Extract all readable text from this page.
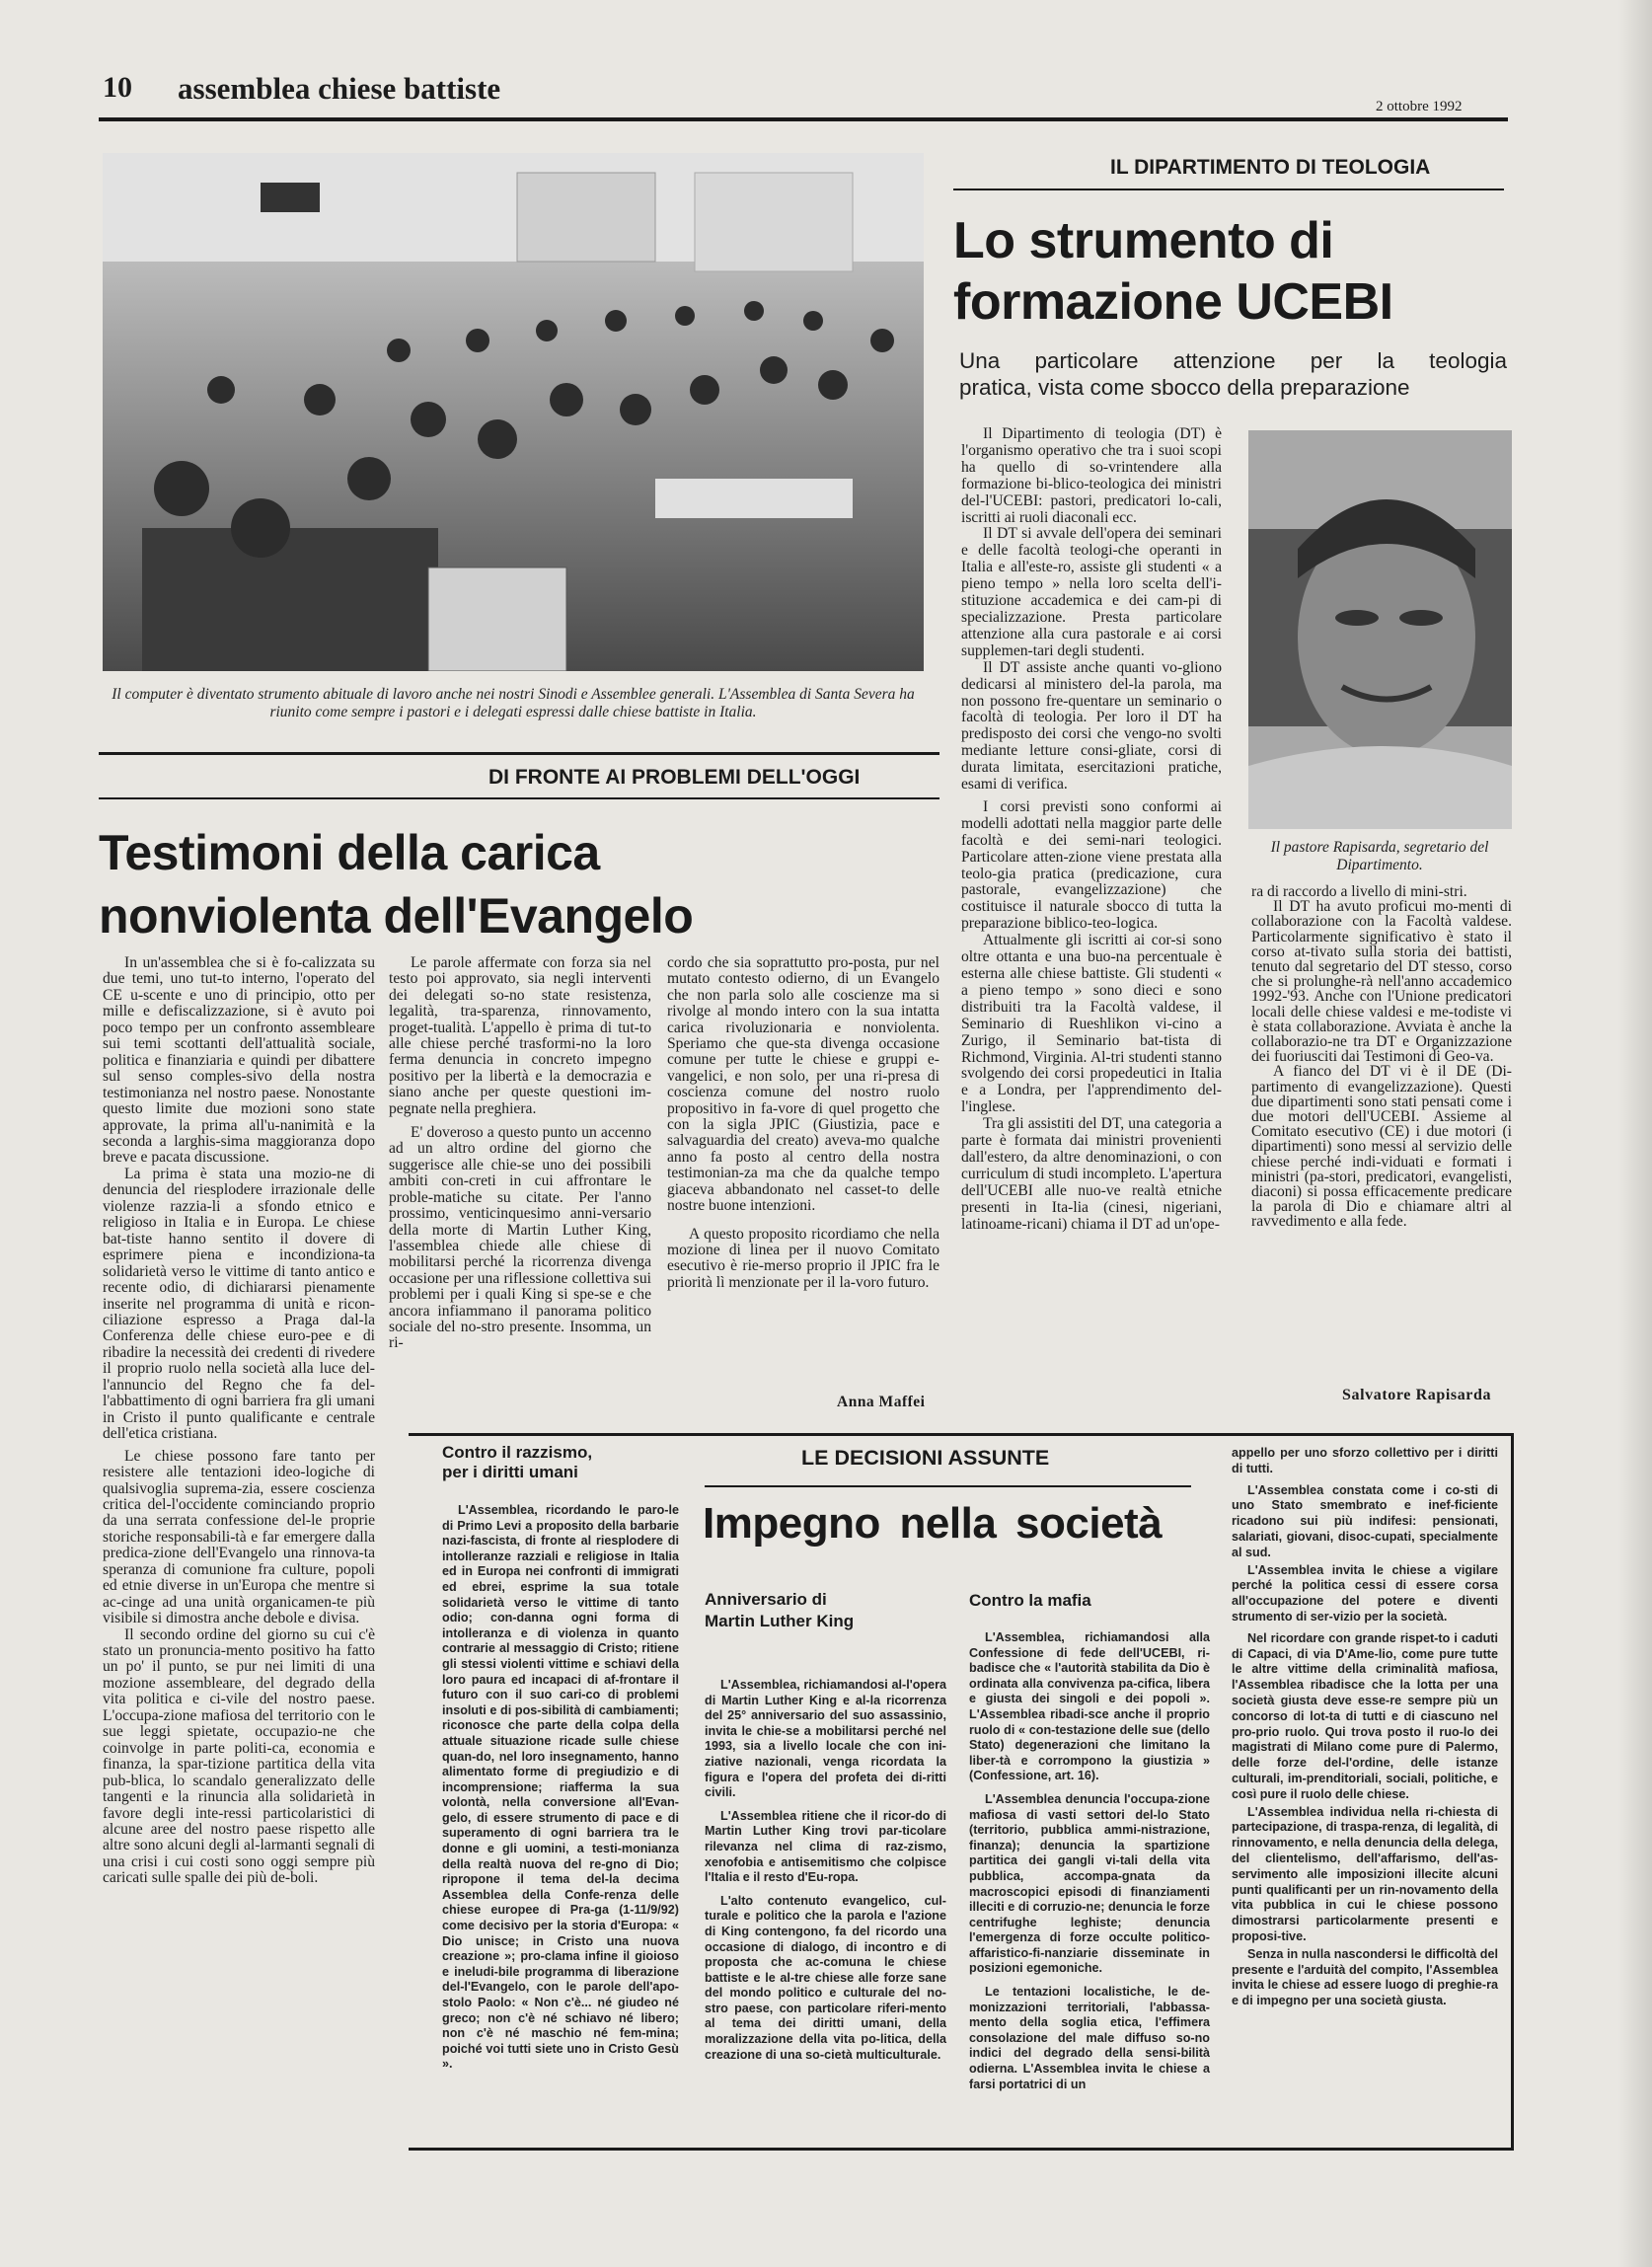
10 assemblea chiese battiste
2 ottobre 1992
Il computer è diventato strumento abituale di lavoro anche nei nostri Sinodi e Assemblee generali. L'Assemblea di Santa Severa ha riunito come sempre i pastori e i delegati espressi dalle chiese battiste in Italia.
IL DIPARTIMENTO DI TEOLOGIA
Lo strumento di
formazione UCEBI
Una particolare attenzione per la teologia
pratica, vista come sbocco della preparazione

Il Dipartimento di teologia (DT) è l'organismo operativo che tra i suoi scopi ha quello di so-vrintendere alla formazione bi-blico-teologica dei ministri del-l'UCEBI: pastori, predicatori lo-cali, iscritti ai ruoli diaconali ecc.

Il DT si avvale dell'opera dei seminari e delle facoltà teologi-che operanti in Italia e all'este-ro, assiste gli studenti « a pieno tempo » nella loro scelta dell'i-stituzione accademica e dei cam-pi di specializzazione. Presta particolare attenzione alla cura pastorale e ai corsi supplemen-tari degli studenti.

Il DT assiste anche quanti vo-gliono dedicarsi al ministero del-la parola, ma non possono fre-quentare un seminario o facoltà di teologia. Per loro il DT ha predisposto dei corsi che vengo-no svolti mediante letture consi-gliate, corsi di durata limitata, esercitazioni pratiche, esami di verifica.

I corsi previsti sono conformi ai modelli adottati nella maggior parte delle facoltà e dei semi-nari teologici. Particolare atten-zione viene prestata alla teolo-gia pratica (predicazione, cura pastorale, evangelizzazione) che costituisce il naturale sbocco di tutta la preparazione biblico-teo-logica.

Attualmente gli iscritti ai cor-si sono oltre ottanta e una buo-na percentuale è esterna alle chiese battiste. Gli studenti « a pieno tempo » sono dieci e sono distribuiti tra la Facoltà valdese, il Seminario di Rueshlikon vi-cino a Zurigo, il Seminario bat-tista di Richmond, Virginia. Al-tri studenti stanno svolgendo dei corsi propedeutici in Italia e a Londra, per l'apprendimento del-l'inglese.

Tra gli assistiti del DT, una categoria a parte è formata dai ministri provenienti dall'estero, da altre denominazioni, o con curriculum di studi incompleto. L'apertura dell'UCEBI alle nuo-ve realtà etniche presenti in Ita-lia (cinesi, nigeriani, latinoame-ricani) chiama il DT ad un'ope-

Il pastore Rapisarda, segretario del Dipartimento.

ra di raccordo a livello di mini-stri.

Il DT ha avuto proficui mo-menti di collaborazione con la Facoltà valdese. Particolarmente significativo è stato il corso at-tivato sulla storia dei battisti, tenuto dal segretario del DT stesso, corso che si prolunghe-rà nell'anno accademico 1992-'93. Anche con l'Unione predicatori locali delle chiese valdesi e me-todiste vi è stata collaborazione. Avviata è anche la collaborazio-ne tra DT e Organizzazione dei fuoriusciti dai Testimoni di Geo-va.

A fianco del DT vi è il DE (Di-partimento di evangelizzazione). Questi due dipartimenti sono stati pensati come i due motori dell'UCEBI. Assieme al Comitato esecutivo (CE) i due motori (i dipartimenti) sono messi al servizio delle chiese perché indi-viduati e formati i ministri (pa-stori, predicatori, evangelisti, diaconi) si possa efficacemente predicare la parola di Dio e chiamare altri al ravvedimento e alla fede.

Salvatore Rapisarda
DI FRONTE AI PROBLEMI DELL'OGGI
Testimoni della carica
nonviolenta dell'Evangelo

In un'assemblea che si è fo-calizzata su due temi, uno tut-to interno, l'operato del CE u-scente e uno di principio, otto per mille e defiscalizzazione, si è avuto poi poco tempo per un confronto assembleare sui temi scottanti dell'attualità sociale, politica e finanziaria e quindi per dibattere sul senso comples-sivo della nostra testimonianza nel nostro paese. Nonostante questo limite due mozioni sono state approvate, la prima all'u-nanimità e la seconda a larghis-sima maggioranza dopo breve e pacata discussione.

La prima è stata una mozio-ne di denuncia del riesplodere irrazionale delle violenze razzia-li a sfondo etnico e religioso in Italia e in Europa. Le chiese bat-tiste hanno sentito il dovere di esprimere piena e incondiziona-ta solidarietà verso le vittime di tanto antico e recente odio, di dichiararsi pienamente inserite nel programma di unità e ricon-ciliazione espresso a Praga dal-la Conferenza delle chiese euro-pee e di ribadire la necessità dei credenti di rivedere il proprio ruolo nella società alla luce del-l'annuncio del Regno che fa del-l'abbattimento di ogni barriera fra gli umani in Cristo il punto qualificante e centrale dell'etica cristiana.

Le chiese possono fare tanto per resistere alle tentazioni ideo-logiche di qualsivoglia suprema-zia, essere coscienza critica del-l'occidente cominciando proprio da una serrata confessione del-le proprie storiche responsabili-tà e far emergere dalla predica-zione dell'Evangelo una rinnova-ta speranza di comunione fra culture, popoli ed etnie diverse in un'Europa che mentre si ac-cinge ad una unità organicamen-te più visibile si dimostra anche debole e divisa.

Il secondo ordine del giorno su cui c'è stato un pronuncia-mento positivo ha fatto un po' il punto, se pur nei limiti di una mozione assembleare, del degrado della vita politica e ci-vile del nostro paese. L'occupa-zione mafiosa del territorio con le sue leggi spietate, occupazio-ne che coinvolge in parte politi-ca, economia e finanza, la spar-tizione partitica della vita pub-blica, lo scandalo generalizzato delle tangenti e la rinuncia alla solidarietà in favore degli inte-ressi particolaristici di alcune aree del nostro paese rispetto alle altre sono alcuni degli al-larmanti segnali di una crisi i cui costi sono oggi sempre più caricati sulle spalle dei più de-boli.

Le parole affermate con forza sia nel testo poi approvato, sia negli interventi dei delegati so-no state resistenza, legalità, tra-sparenza, rinnovamento, proget-tualità. L'appello è prima di tut-to alle chiese perché trasformi-no la loro ferma denuncia in concreto impegno positivo per la libertà e la democrazia e siano anche per queste questioni im-pegnate nella preghiera.

E' doveroso a questo punto un accenno ad un altro ordine del giorno che suggerisce alle chie-se uno dei possibili ambiti con-creti in cui affrontare le proble-matiche su citate. Per l'anno prossimo, venticinquesimo anni-versario della morte di Martin Luther King, l'assemblea chiede alle chiese di mobilitarsi perché la ricorrenza divenga occasione per una riflessione collettiva sui problemi per i quali King si spe-se e che ancora infiammano il panorama politico sociale del no-stro presente. Insomma, un ri-

cordo che sia soprattutto pro-posta, pur nel mutato contesto odierno, di un Evangelo che non parla solo alle coscienze ma si rivolge al mondo intero con la sua intatta carica rivoluzionaria e nonviolenta. Speriamo che que-sta divenga occasione comune per tutte le chiese e gruppi e-vangelici, e non solo, per una ri-presa di coscienza comune del nostro ruolo propositivo in fa-vore di quel progetto che con la sigla JPIC (Giustizia, pace e salvaguardia del creato) aveva-mo qualche anno fa posto al centro della nostra testimonian-za ma che da qualche tempo giaceva abbandonato nel casset-to delle nostre buone intenzioni.

A questo proposito ricordiamo che nella mozione di linea per il nuovo Comitato esecutivo è rie-merso proprio il JPIC fra le priorità lì menzionate per il la-voro futuro.

Anna Maffei
Contro il razzismo,
per i diritti umani

L'Assemblea, ricordando le paro-le di Primo Levi a proposito della barbarie nazi-fascista, di fronte al riesplodere di intolleranze razziali e religiose in Italia ed in Europa nei confronti di immigrati ed ebrei, esprime la sua totale solidarietà verso le vittime di tanto odio; con-danna ogni forma di intolleranza e di violenza in quanto contrarie al messaggio di Cristo; ritiene gli stessi violenti vittime e schiavi della loro paura ed incapaci di af-frontare il futuro con il suo cari-co di problemi insoluti e di pos-sibilità di cambiamenti; riconosce che parte della colpa della attuale situazione ricade sulle chiese quan-do, nel loro insegnamento, hanno alimentato forme di pregiudizio e di incomprensione; riafferma la sua volontà, nella conversione all'Evan-gelo, di essere strumento di pace e di superamento di ogni barriera tra le donne e gli uomini, a testi-monianza della realtà nuova del re-gno di Dio; ripropone il tema del-la decima Assemblea della Confe-renza delle chiese europee di Pra-ga (1-11/9/92) come decisivo per la storia d'Europa: « Dio unisce; in Cristo una nuova creazione »; pro-clama infine il gioioso e ineludi-bile programma di liberazione del-l'Evangelo, con le parole dell'apo-stolo Paolo: « Non c'è... né giudeo né greco; non c'è né schiavo né libero; non c'è né maschio né fem-mina; poiché voi tutti siete uno in Cristo Gesù ».

LE DECISIONI ASSUNTE
Impegno nella società
Anniversario di
Martin Luther King

L'Assemblea, richiamandosi al-l'opera di Martin Luther King e al-la ricorrenza del 25° anniversario del suo assassinio, invita le chie-se a mobilitarsi perché nel 1993, sia a livello locale che con ini-ziative nazionali, venga ricordata la figura e l'opera del profeta dei di-ritti civili.

L'Assemblea ritiene che il ricor-do di Martin Luther King trovi par-ticolare rilevanza nel clima di raz-zismo, xenofobia e antisemitismo che colpisce l'Italia e il resto d'Eu-ropa.

L'alto contenuto evangelico, cul-turale e politico che la parola e l'azione di King contengono, fa del ricordo una occasione di dialogo, di incontro e di proposta che ac-comuna le chiese battiste e le al-tre chiese alle forze sane del mondo politico e culturale del no-stro paese, con particolare riferi-mento al tema dei diritti umani, della moralizzazione della vita po-litica, della creazione di una so-cietà multiculturale.

Contro la mafia

L'Assemblea, richiamandosi alla Confessione di fede dell'UCEBI, ri-badisce che « l'autorità stabilita da Dio è ordinata alla convivenza pa-cifica, libera e giusta dei singoli e dei popoli ». L'Assemblea ribadi-sce anche il proprio ruolo di « con-testazione delle sue (dello Stato) degenerazioni che limitano la liber-tà e corrompono la giustizia » (Confessione, art. 16).

L'Assemblea denuncia l'occupa-zione mafiosa di vasti settori del-lo Stato (territorio, pubblica ammi-nistrazione, finanza); denuncia la spartizione partitica dei gangli vi-tali della vita pubblica, accompa-gnata da macroscopici episodi di finanziamenti illeciti e di corruzio-ne; denuncia le forze centrifughe leghiste; denuncia l'emergenza di forze occulte politico-affaristico-fi-nanziarie disseminate in posizioni egemoniche.

Le tentazioni localistiche, le de-monizzazioni territoriali, l'abbassa-mento della soglia etica, l'effimera consolazione del male diffuso so-no indici del degrado della sensi-bilità odierna. L'Assemblea invita le chiese a farsi portatrici di un

appello per uno sforzo collettivo per i diritti di tutti.

L'Assemblea constata come i co-sti di uno Stato smembrato e inef-ficiente ricadono sui più indifesi: pensionati, salariati, giovani, disoc-cupati, specialmente al sud.

L'Assemblea invita le chiese a vigilare perché la politica cessi di essere corsa all'occupazione del potere e diventi strumento di ser-vizio per la società.

Nel ricordare con grande rispet-to i caduti di Capaci, di via D'Ame-lio, come pure tutte le altre vittime della criminalità mafiosa, l'Assemblea ribadisce che la lotta per una società giusta deve esse-re sempre più un concorso di lot-ta di tutti e di ciascuno nel pro-prio ruolo. Qui trova posto il ruo-lo dei magistrati di Milano come pure di Palermo, delle forze del-l'ordine, delle istanze culturali, im-prenditoriali, sociali, politiche, e così pure il ruolo delle chiese.

L'Assemblea individua nella ri-chiesta di partecipazione, di traspa-renza, di legalità, di rinnovamento, e nella denuncia della delega, del clientelismo, dell'affarismo, dell'as-servimento alle imposizioni illecite alcuni punti qualificanti per un rin-novamento della vita pubblica in cui le chiese possono dimostrarsi particolarmente presenti e proposi-tive.

Senza in nulla nascondersi le difficoltà del presente e l'arduità del compito, l'Assemblea invita le chiese ad essere luogo di preghie-ra e di impegno per una società giusta.
